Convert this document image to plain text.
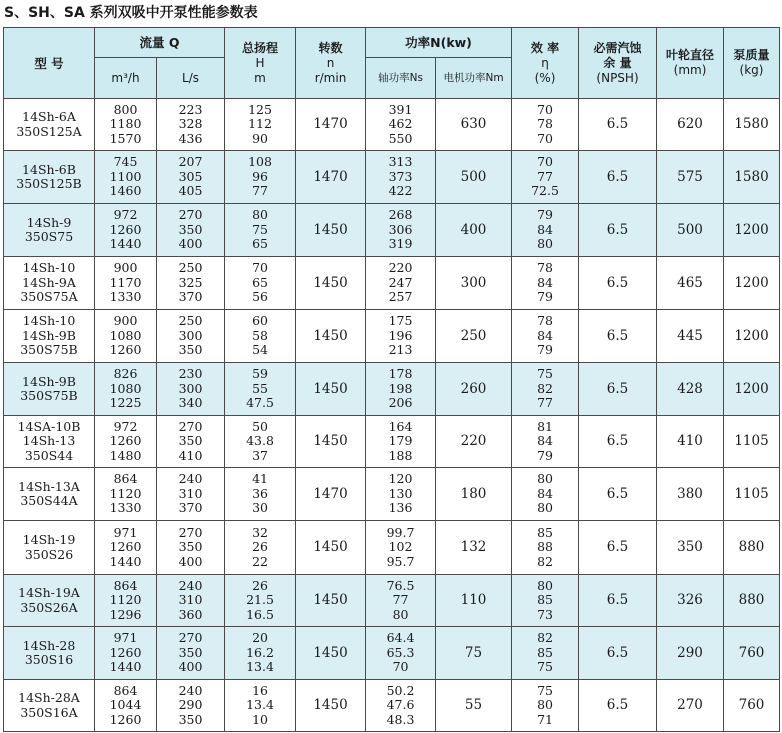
S、SH、SA 系列双吸中开泵性能参数表
型 号	流量 Q		总扬程
H
m	转数
n
r/min	功率N(kw)		效 率
η
(%)	必需汽蚀
余 量
(NPSH)	叶轮直径
(mm)	泵质量
(kg)

	m³/h	L/s			轴功率Ns	电机功率Nm				

14Sh-6A
350S125A	800
1180
1570	223
328
436	125
112
90	1470	391
462
550	630	70
78
70	6.5	620	1580

14Sh-6B
350S125B	745
1100
1460	207
305
405	108
96
77	1470	313
373
422	500	70
77
72.5	6.5	575	1580

14Sh-9
350S75	972
1260
1440	270
350
400	80
75
65	1450	268
306
319	400	79
84
80	6.5	500	1200

14Sh-10
14Sh-9A
350S75A	900
1170
1330	250
325
370	70
65
56	1450	220
247
257	300	78
84
79	6.5	465	1200

14Sh-10
14Sh-9B
350S75B	900
1080
1260	250
300
350	60
58
54	1450	175
196
213	250	78
84
79	6.5	445	1200

14Sh-9B
350S75B	826
1080
1225	230
300
340	59
55
47.5	1450	178
198
206	260	75
82
77	6.5	428	1200

14SA-10B
14Sh-13
350S44	972
1260
1480	270
350
410	50
43.8
37	1450	164
179
188	220	81
84
79	6.5	410	1105

14Sh-13A
350S44A	864
1120
1330	240
310
370	41
36
30	1470	120
130
136	180	80
84
80	6.5	380	1105

14Sh-19
350S26	971
1260
1440	270
350
400	32
26
22	1450	99.7
102
95.7	132	85
88
82	6.5	350	880

14Sh-19A
350S26A	864
1120
1296	240
310
360	26
21.5
16.5	1450	76.5
77
80	110	80
85
73	6.5	326	880

14Sh-28
350S16	971
1260
1440	270
350
400	20
16.2
13.4	1450	64.4
65.3
70	75	82
85
75	6.5	290	760

14Sh-28A
350S16A	864
1044
1260	240
290
350	16
13.4
10	1450	50.2
47.6
48.3	55	75
80
71	6.5	270	760
